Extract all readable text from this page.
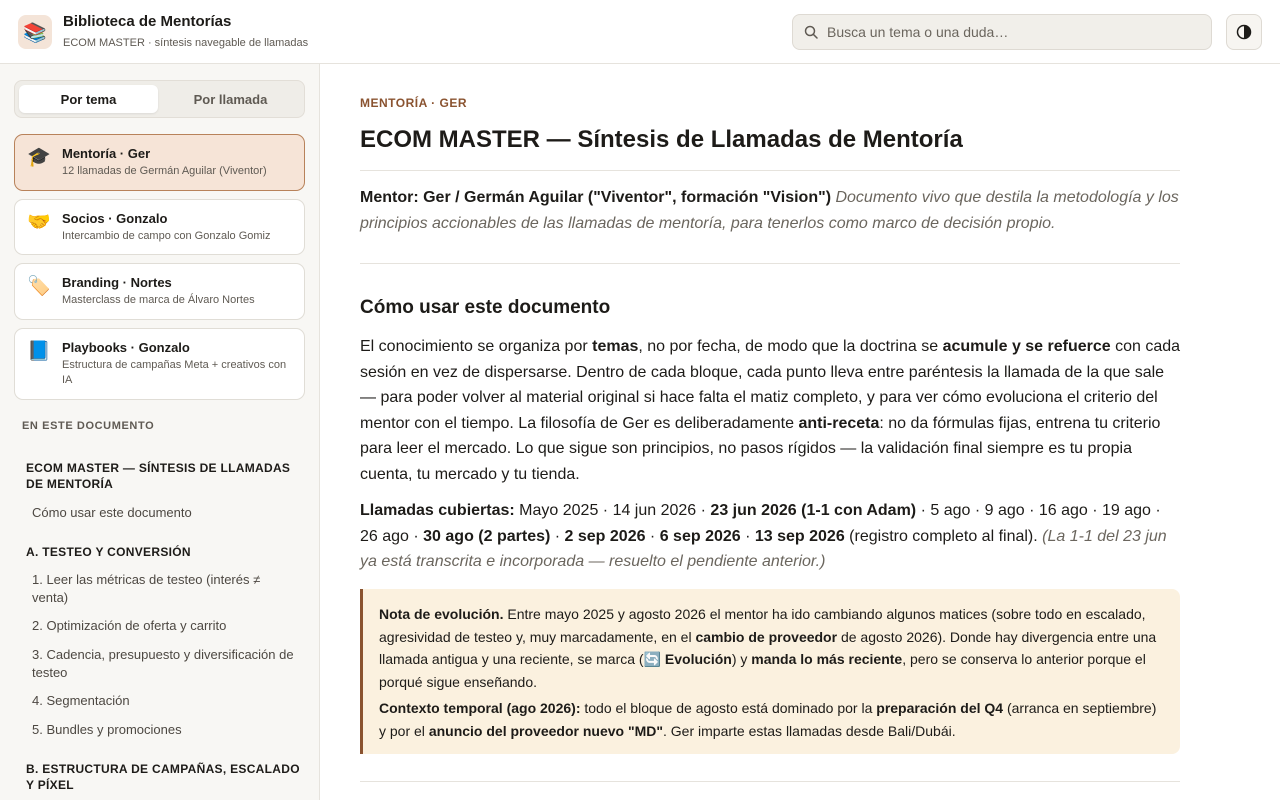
📚	Biblioteca de Mentorías
ECOM MASTER · síntesis navegable de llamadas
Busca un tema o una duda…
Por tema	Por llamada
🎓 Mentoría · Ger
12 llamadas de Germán Aguilar (Viventor)
🤝 Socios · Gonzalo
Intercambio de campo con Gonzalo Gomiz
🏷️ Branding · Nortes
Masterclass de marca de Álvaro Nortes
📘 Playbooks · Gonzalo
Estructura de campañas Meta + creativos con IA
EN ESTE DOCUMENTO
ECOM MASTER — SÍNTESIS DE LLAMADAS DE MENTORÍA
Cómo usar este documento
A. TESTEO Y CONVERSIÓN
1. Leer las métricas de testeo (interés ≠ venta)
2. Optimización de oferta y carrito
3. Cadencia, presupuesto y diversificación de testeo
4. Segmentación
5. Bundles y promociones
B. ESTRUCTURA DE CAMPAÑAS, ESCALADO Y PÍXEL
MENTORÍA · GER
ECOM MASTER — Síntesis de Llamadas de Mentoría
Mentor: Ger / Germán Aguilar ("Viventor", formación "Vision") Documento vivo que destila la metodología y los principios accionables de las llamadas de mentoría, para tenerlos como marco de decisión propio.
Cómo usar este documento
El conocimiento se organiza por temas, no por fecha, de modo que la doctrina se acumule y se refuerce con cada sesión en vez de dispersarse. Dentro de cada bloque, cada punto lleva entre paréntesis la llamada de la que sale — para poder volver al material original si hace falta el matiz completo, y para ver cómo evoluciona el criterio del mentor con el tiempo. La filosofía de Ger es deliberadamente anti-receta: no da fórmulas fijas, entrena tu criterio para leer el mercado. Lo que sigue son principios, no pasos rígidos — la validación final siempre es tu propia cuenta, tu mercado y tu tienda.
Llamadas cubiertas: Mayo 2025 · 14 jun 2026 · 23 jun 2026 (1-1 con Adam) · 5 ago · 9 ago · 16 ago · 19 ago · 26 ago · 30 ago (2 partes) · 2 sep 2026 · 6 sep 2026 · 13 sep 2026 (registro completo al final). (La 1-1 del 23 jun ya está transcrita e incorporada — resuelto el pendiente anterior.)

Nota de evolución. Entre mayo 2025 y agosto 2026 el mentor ha ido cambiando algunos matices (sobre todo en escalado, agresividad de testeo y, muy marcadamente, en el cambio de proveedor de agosto 2026). Donde hay divergencia entre una llamada antigua y una reciente, se marca (🔄 Evolución) y manda lo más reciente, pero se conserva lo anterior porque el porqué sigue enseñando.

Contexto temporal (ago 2026): todo el bloque de agosto está dominado por la preparación del Q4 (arranca en septiembre) y por el anuncio del proveedor nuevo "MD". Ger imparte estas llamadas desde Bali/Dubái.
